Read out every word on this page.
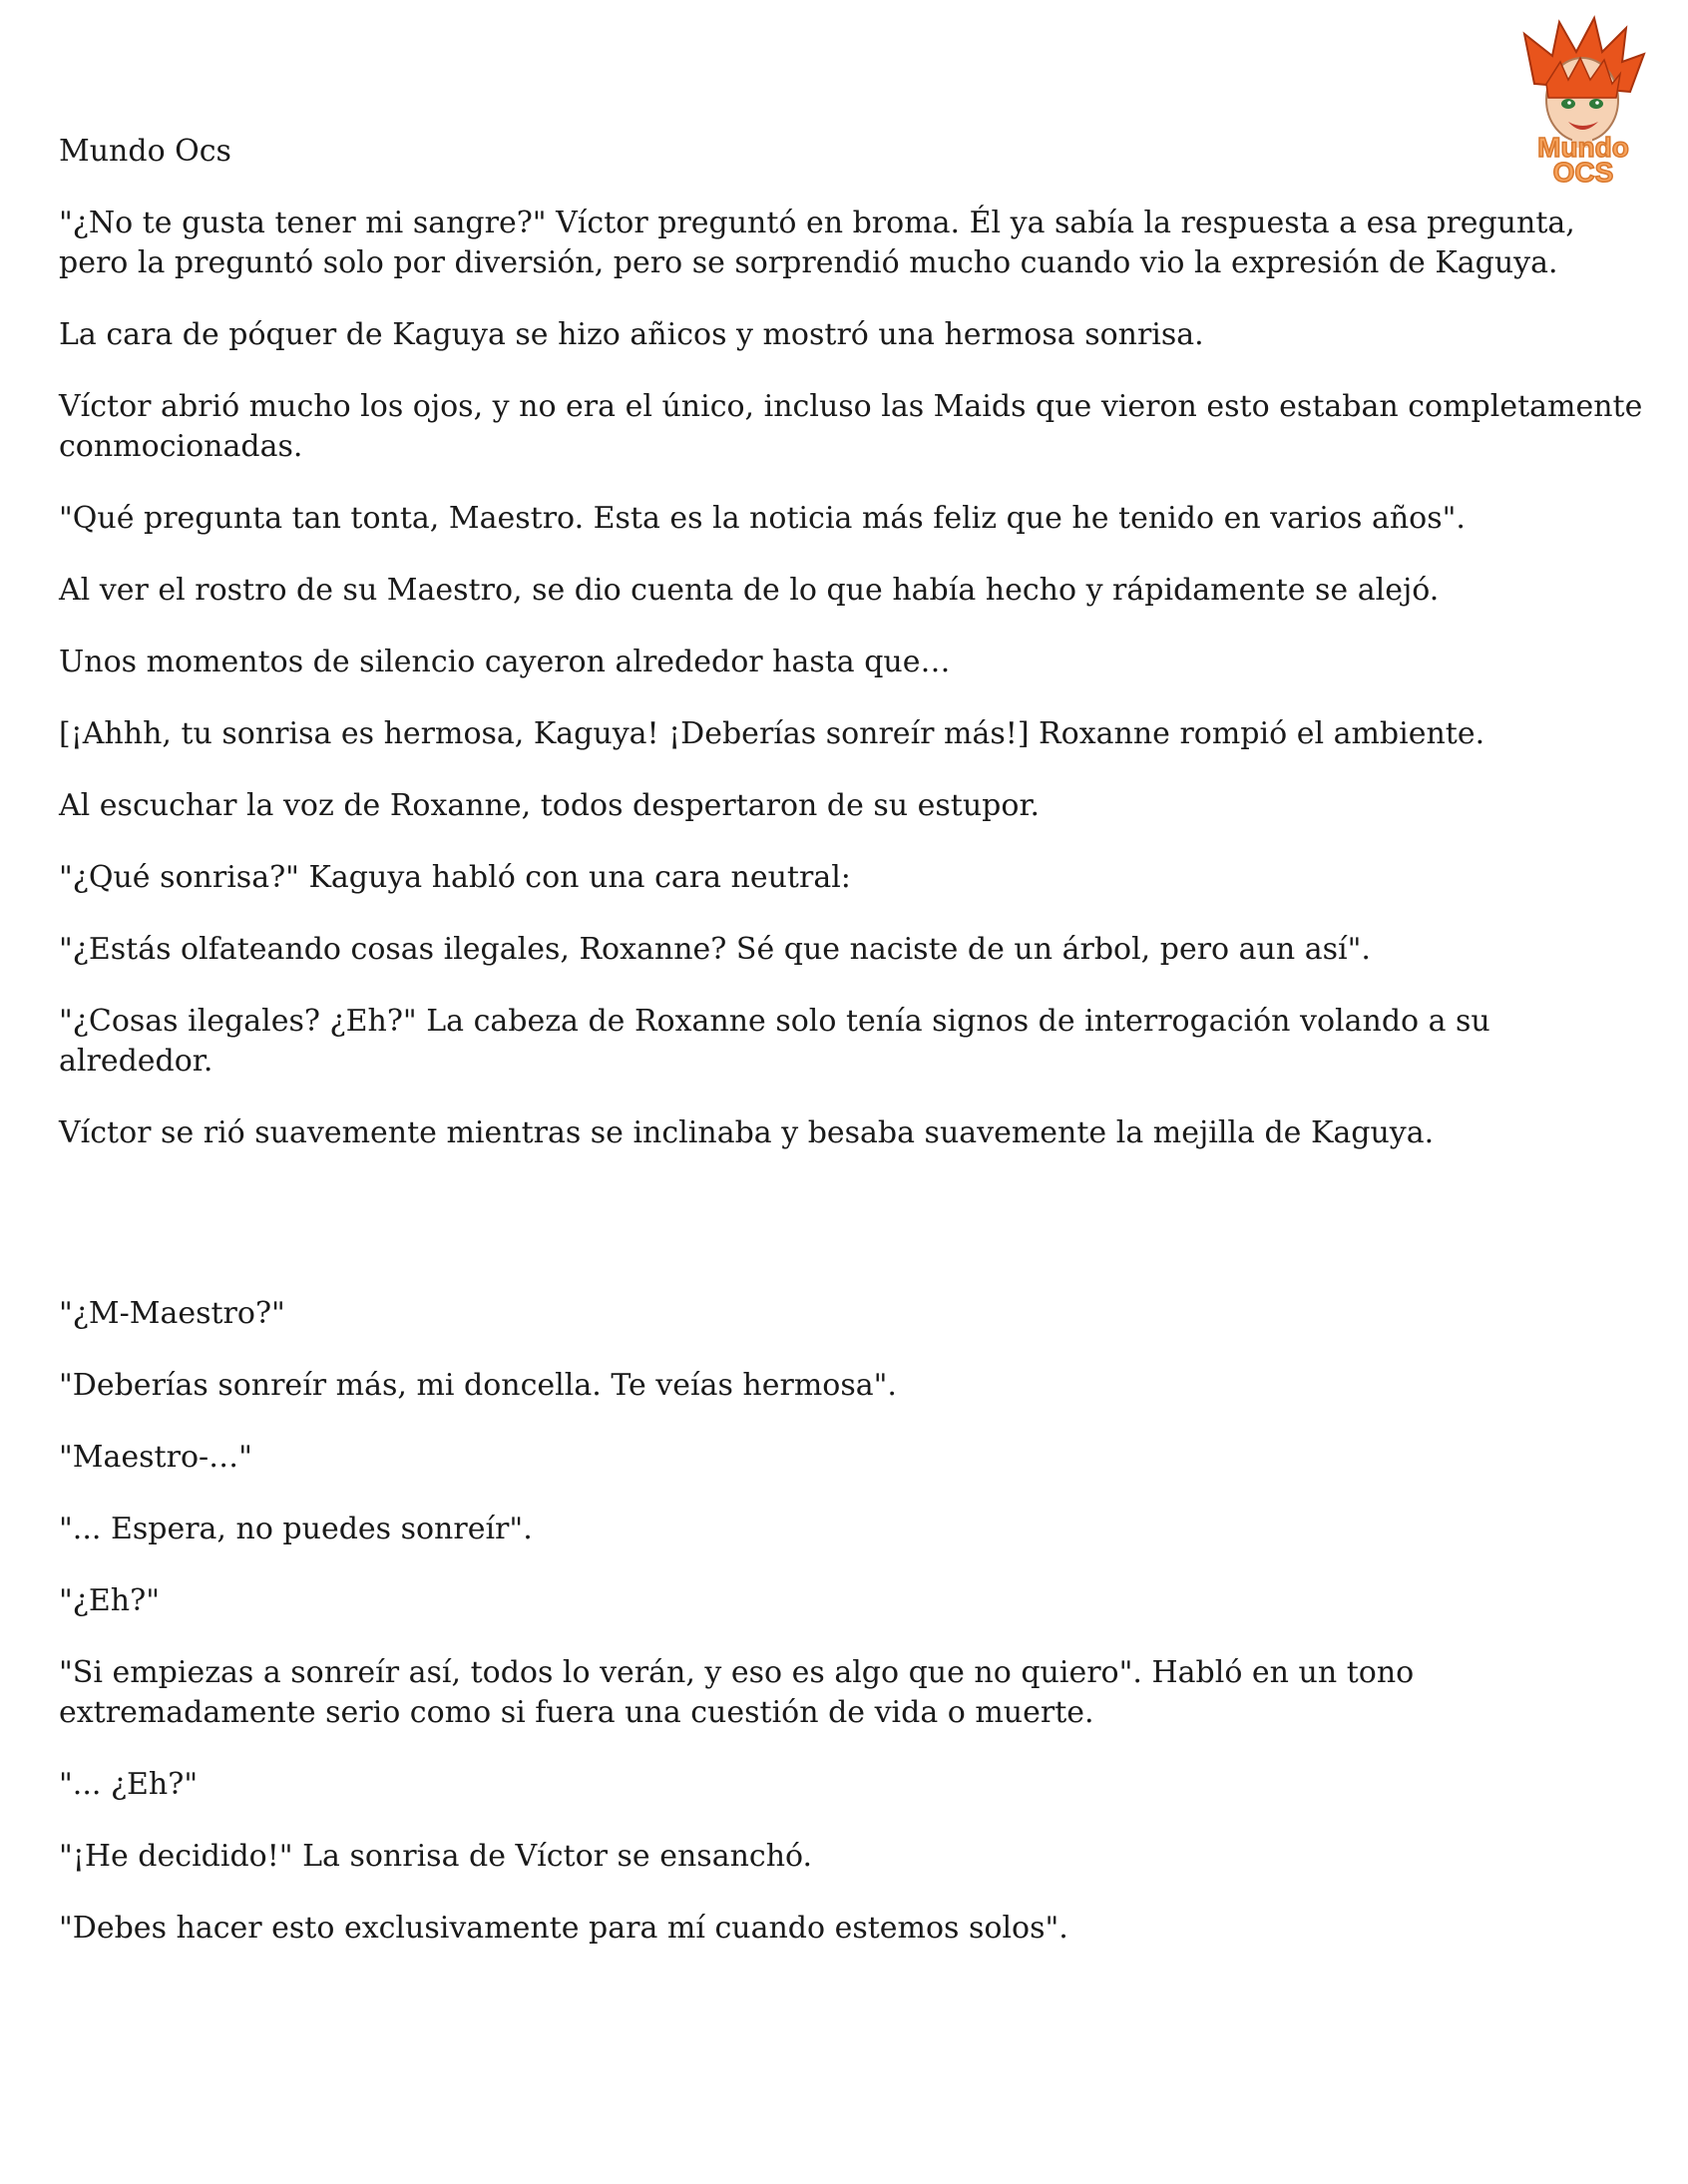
Mundo
OCS

Mundo Ocs

"¿No te gusta tener mi sangre?" Víctor preguntó en broma. Él ya sabía la respuesta a esa pregunta, pero la preguntó solo por diversión, pero se sorprendió mucho cuando vio la expresión de Kaguya.

La cara de póquer de Kaguya se hizo añicos y mostró una hermosa sonrisa.

Víctor abrió mucho los ojos, y no era el único, incluso las Maids que vieron esto estaban completamente conmocionadas.

"Qué pregunta tan tonta, Maestro. Esta es la noticia más feliz que he tenido en varios años".

Al ver el rostro de su Maestro, se dio cuenta de lo que había hecho y rápidamente se alejó.

Unos momentos de silencio cayeron alrededor hasta que…

[¡Ahhh, tu sonrisa es hermosa, Kaguya! ¡Deberías sonreír más!] Roxanne rompió el ambiente.

Al escuchar la voz de Roxanne, todos despertaron de su estupor.

"¿Qué sonrisa?" Kaguya habló con una cara neutral:

"¿Estás olfateando cosas ilegales, Roxanne? Sé que naciste de un árbol, pero aun así".

"¿Cosas ilegales? ¿Eh?" La cabeza de Roxanne solo tenía signos de interrogación volando a su alrededor.

Víctor se rió suavemente mientras se inclinaba y besaba suavemente la mejilla de Kaguya.

"¿M-Maestro?"

"Deberías sonreír más, mi doncella. Te veías hermosa".

"Maestro-…"

"... Espera, no puedes sonreír".

"¿Eh?"

"Si empiezas a sonreír así, todos lo verán, y eso es algo que no quiero". Habló en un tono extremadamente serio como si fuera una cuestión de vida o muerte.

"... ¿Eh?"

"¡He decidido!" La sonrisa de Víctor se ensanchó.

"Debes hacer esto exclusivamente para mí cuando estemos solos".
